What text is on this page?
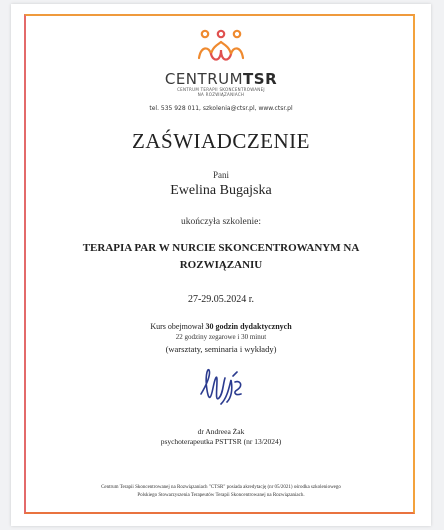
CENTRUMTSR
CENTRUM TERAPII SKONCENTROWANEJ
NA ROZWIĄZANIACH
tel. 535 928 011, szkolenia@ctsr.pl, www.ctsr.pl
ZAŚWIADCZENIE
Pani
Ewelina Bugajska
ukończyła szkolenie:
TERAPIA PAR W NURCIE SKONCENTROWANYM NA
ROZWIĄZANIU
27-29.05.2024 r.
Kurs obejmował 30 godzin dydaktycznych
22 godziny zegarowe i 30 minut
(warsztaty, seminaria i wykłady)
dr Andreea Żak
psychoterapeutka PSTTSR (nr 13/2024)
Centrum Terapii Skoncentrowanej na Rozwiązaniach "CTSR" posiada akredytację (nr 05/2021) ośrodka szkoleniowego
Polskiego Stowarzyszenia Terapeutów Terapii Skoncentrowanej na Rozwiązaniach.
